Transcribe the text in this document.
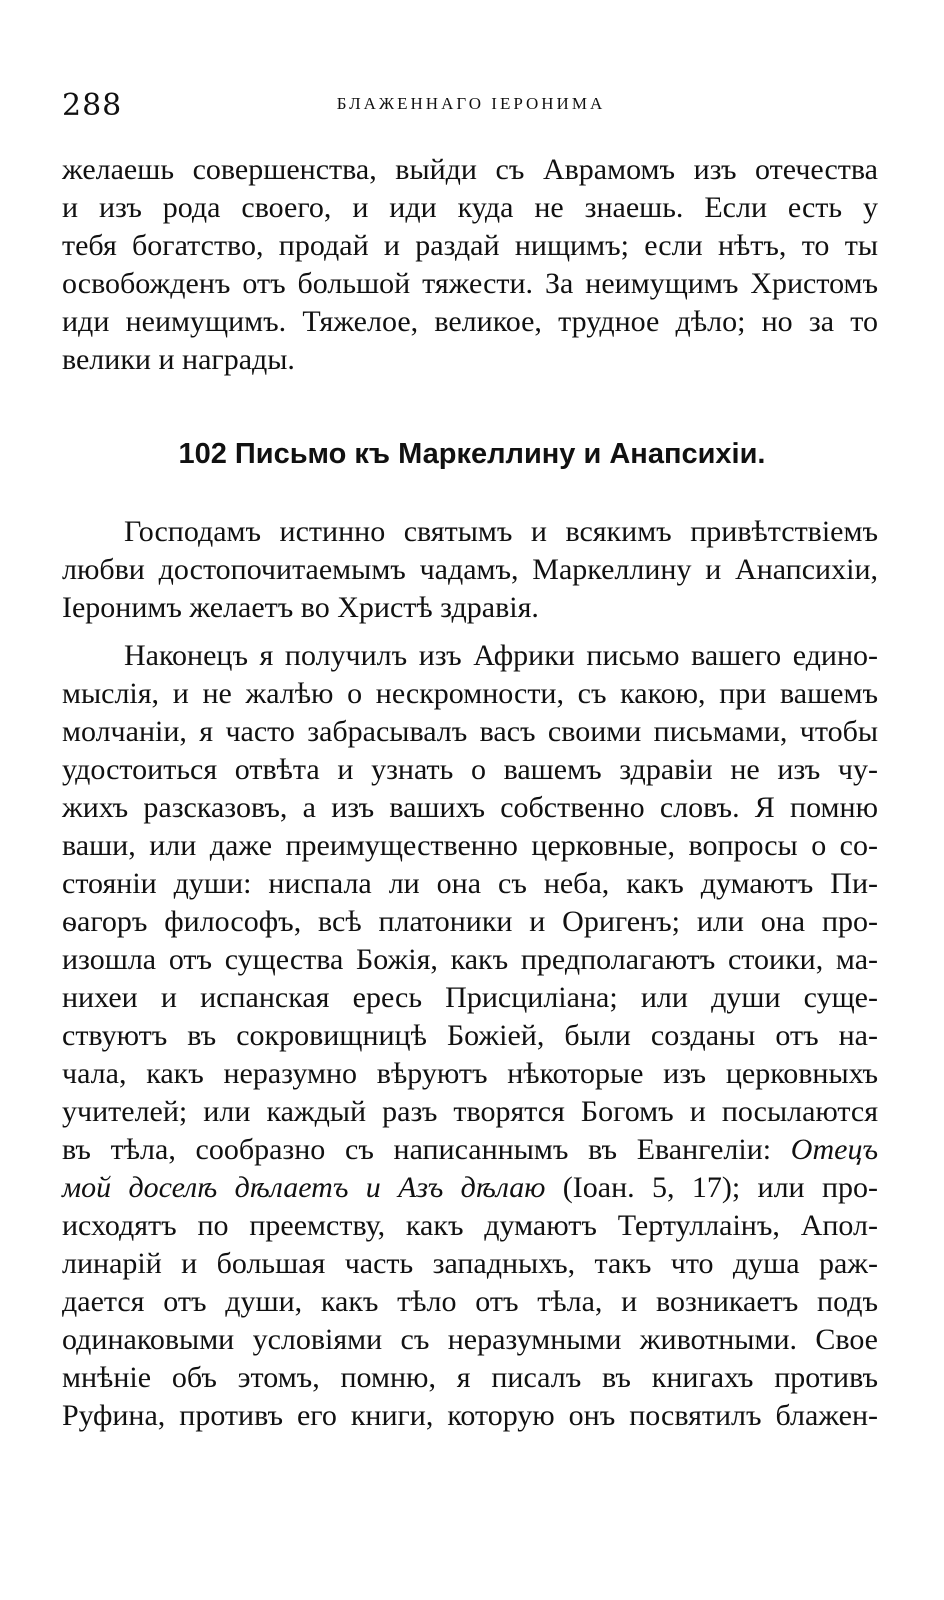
288	БЛАЖЕННАГО ІЕРОНИМА
желаешь совершенства, выйди съ Аврамомъ изъ отечества
и изъ рода своего, и иди куда не знаешь. Если есть у
тебя богатство, продай и раздай нищимъ; если нѣтъ, то ты
освобожденъ отъ большой тяжести. За неимущимъ Христомъ
иди неимущимъ. Тяжелое, великое, трудное дѣло; но за то
велики и награды.
102 Письмо къ Маркеллину и Анапсихіи.
Господамъ истинно святымъ и всякимъ привѣтствіемъ
любви достопочитаемымъ чадамъ, Маркеллину и Анапсихіи,
Іеронимъ желаетъ во Христѣ здравія.
Наконецъ я получилъ изъ Африки письмо вашего едино-
мыслія, и не жалѣю о нескромности, съ какою, при вашемъ
молчаніи, я часто забрасывалъ васъ своими письмами, чтобы
удостоиться отвѣта и узнать о вашемъ здравіи не изъ чу-
жихъ разсказовъ, а изъ вашихъ собственно словъ. Я помню
ваши, или даже преимущественно церковные, вопросы о со-
стояніи души: ниспала ли она съ неба, какъ думаютъ Пи-
ѳагоръ философъ, всѣ платоники и Оригенъ; или она про-
изошла отъ существа Божія, какъ предполагаютъ стоики, ма-
нихеи и испанская ересь Присциліана; или души суще-
ствуютъ въ сокровищницѣ Божіей, были созданы отъ на-
чала, какъ неразумно вѣруютъ нѣкоторые изъ церковныхъ
учителей; или каждый разъ творятся Богомъ и посылаются
въ тѣла, сообразно съ написаннымъ въ Евангеліи: Отецъ
мой доселѣ дѣлаетъ и Азъ дѣлаю (Іоан. 5, 17); или про-
исходятъ по преемству, какъ думаютъ Тертуллаінъ, Апол-
линарій и большая часть западныхъ, такъ что душа раж-
дается отъ души, какъ тѣло отъ тѣла, и возникаетъ подъ
одинаковыми условіями съ неразумными животными. Свое
мнѣніе объ этомъ, помню, я писалъ въ книгахъ противъ
Руфина, противъ его книги, которую онъ посвятилъ блажен-
